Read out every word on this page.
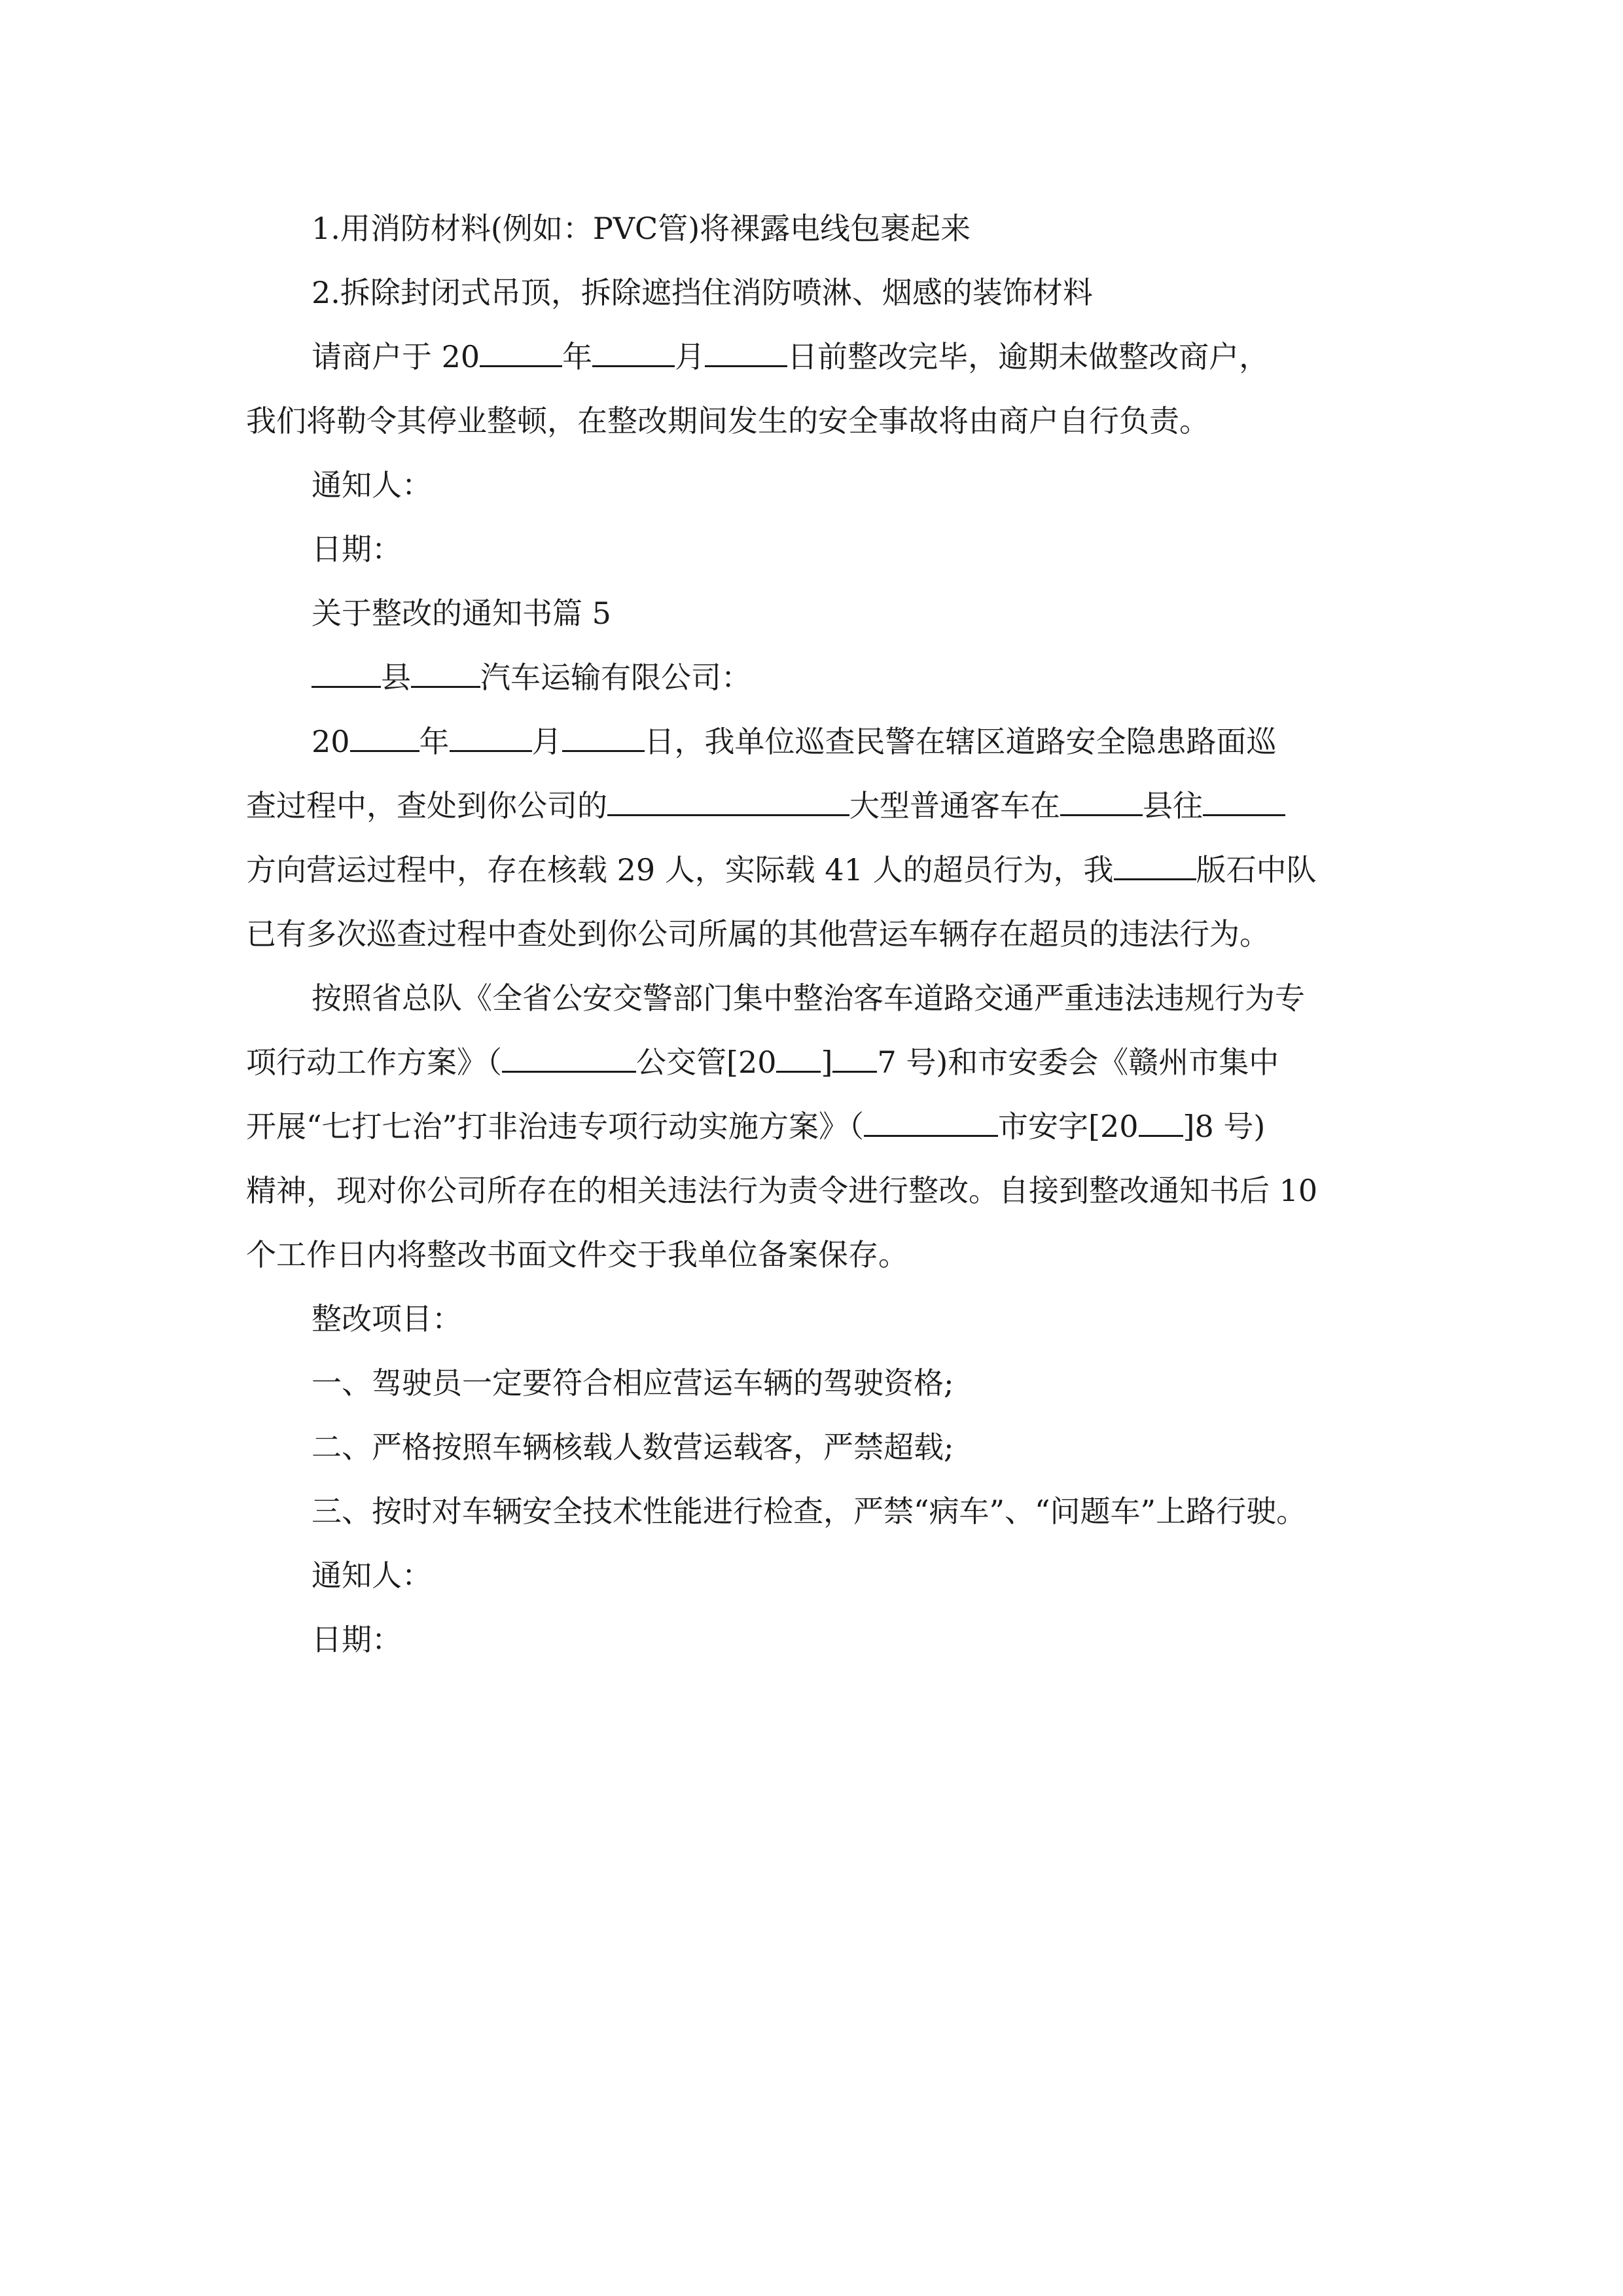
1.用消防材料(例如：PVC管)将裸露电线包裹起来
2.拆除封闭式吊顶，拆除遮挡住消防喷淋、烟感的装饰材料
请商户于 20	年	月	日前整改完毕，逾期未做整改商户，
我们将勒令其停业整顿，在整改期间发生的安全事故将由商户自行负责。
通知人：
日期：
关于整改的通知书篇 5
县 汽车运输有限公司：
20 年	月	日，我单位巡查民警在辖区道路安全隐患路面巡
查过程中，查处到你公司的	大型普通客车在	县往
方向营运过程中，存在核载 29 人，实际载 41 人的超员行为，我	版石中队
已有多次巡查过程中查处到你公司所属的其他营运车辆存在超员的违法行为。
按照省总队《全省公安交警部门集中整治客车道路交通严重违法违规行为专
项行动工作方案》（	公交管[20 ] 7 号)和市安委会《赣州市集中
开展“七打七治”打非治违专项行动实施方案》（	市安字[20 ]8 号)
精神，现对你公司所存在的相关违法行为责令进行整改。自接到整改通知书后 10
个工作日内将整改书面文件交于我单位备案保存。
整改项目：
一、驾驶员一定要符合相应营运车辆的驾驶资格;
二、严格按照车辆核载人数营运载客，严禁超载;
三、按时对车辆安全技术性能进行检查，严禁“病车”、“问题车”上路行驶。
通知人：
日期：
